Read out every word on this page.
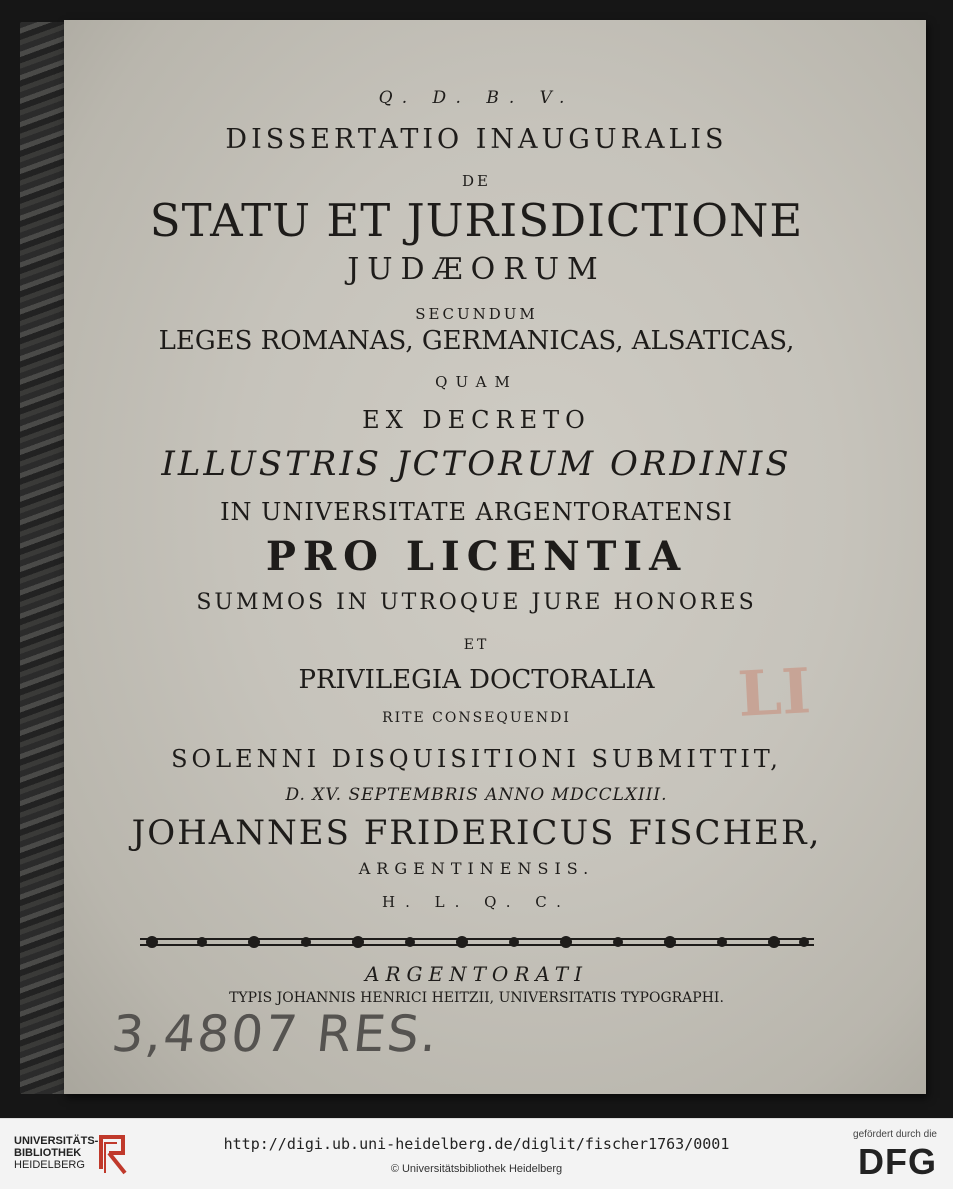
Q. D. B. V.
DISSERTATIO INAUGURALIS
DE
STATU ET JURISDICTIONE
JUDÆORUM
SECUNDUM
LEGES ROMANAS, GERMANICAS, ALSATICAS,
QUAM
EX DECRETO
ILLUSTRIS JCTORUM ORDINIS
IN UNIVERSITATE ARGENTORATENSI
PRO LICENTIA
SUMMOS IN UTROQUE JURE HONORES
ET
PRIVILEGIA DOCTORALIA
RITE CONSEQUENDI
SOLENNI DISQUISITIONI SUBMITTIT,
D. XV. SEPTEMBRIS ANNO MDCCLXIII.
JOHANNES FRIDERICUS FISCHER,
ARGENTINENSIS.
H. L. Q. C.
ARGENTORATI
TYPIS JOHANNIS HENRICI HEITZII, UNIVERSITATIS TYPOGRAPHI.
3,4807 RES.
LI
UNIVERSITÄTS-
BIBLIOTHEK
HEIDELBERG
http://digi.ub.uni-heidelberg.de/diglit/fischer1763/0001
© Universitätsbibliothek Heidelberg
gefördert durch die
DFG
